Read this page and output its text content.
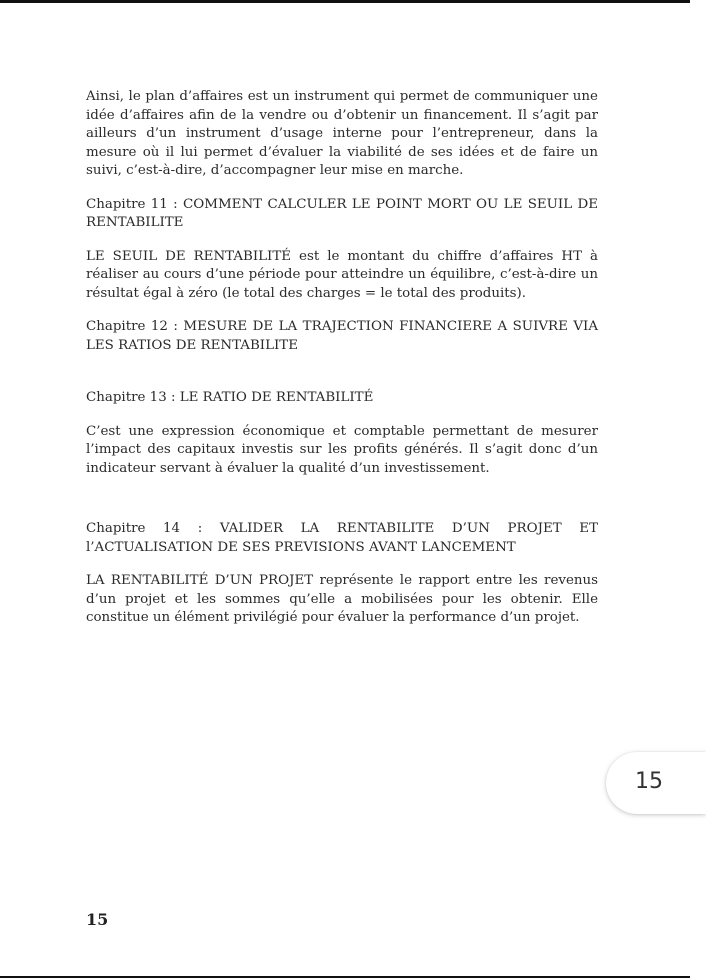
Ainsi, le plan d’affaires est un instrument qui permet de communiquer une idée d’affaires afin de la vendre ou d’obtenir un financement. Il s’agit par ailleurs d’un instrument d’usage interne pour l’entrepreneur, dans la mesure où il lui permet d’évaluer la viabilité de ses idées et de faire un suivi, c’est-à-dire, d’accompagner leur mise en marche.

Chapitre 11 : COMMENT CALCULER LE POINT MORT OU LE SEUIL DE RENTABILITE

LE SEUIL DE RENTABILITÉ est le montant du chiffre d’affaires HT à réaliser au cours d’une période pour atteindre un équilibre, c’est-à-dire un résultat égal à zéro (le total des charges = le total des produits).

Chapitre 12 : MESURE DE LA TRAJECTION FINANCIERE A SUIVRE VIA LES RATIOS DE RENTABILITE

Chapitre 13 : LE RATIO DE RENTABILITÉ

C’est une expression économique et comptable permettant de mesurer l’impact des capitaux investis sur les profits générés. Il s’agit donc d’un indicateur servant à évaluer la qualité d’un investissement.

Chapitre 14 : VALIDER LA RENTABILITE D’UN PROJET ET l’ACTUALISATION DE SES PREVISIONS AVANT LANCEMENT

LA RENTABILITÉ D’UN PROJET représente le rapport entre les revenus d’un projet et les sommes qu’elle a mobilisées pour les obtenir. Elle constitue un élément privilégié pour évaluer la performance d’un projet.

15
15
